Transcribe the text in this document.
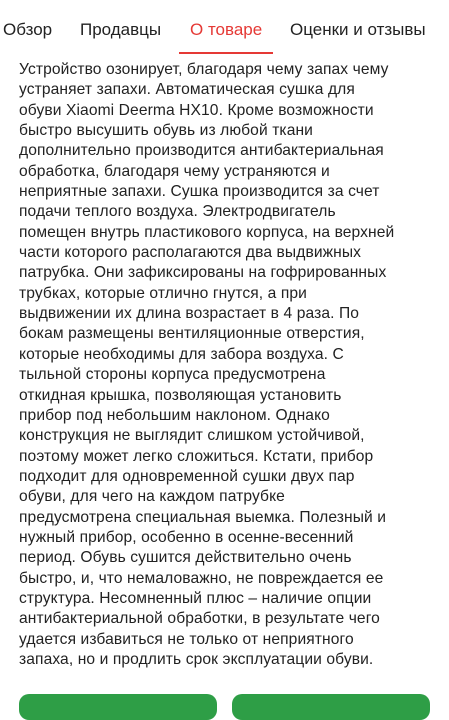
Обзор Продавцы О товаре Оценки и отзывы
Устройство озонирует, благодаря чему запах чему
устраняет запахи. Автоматическая сушка для
обуви Xiaomi Deerma HX10. Кроме возможности
быстро высушить обувь из любой ткани
дополнительно производится антибактериальная
обработка, благодаря чему устраняются и
неприятные запахи. Сушка производится за счет
подачи теплого воздуха. Электродвигатель
помещен внутрь пластикового корпуса, на верхней
части которого располагаются два выдвижных
патрубка. Они зафиксированы на гофрированных
трубках, которые отлично гнутся, а при
выдвижении их длина возрастает в 4 раза. По
бокам размещены вентиляционные отверстия,
которые необходимы для забора воздуха. С
тыльной стороны корпуса предусмотрена
откидная крышка, позволяющая установить
прибор под небольшим наклоном. Однако
конструкция не выглядит слишком устойчивой,
поэтому может легко сложиться. Кстати, прибор
подходит для одновременной сушки двух пар
обуви, для чего на каждом патрубке
предусмотрена специальная выемка. Полезный и
нужный прибор, особенно в осенне-весенний
период. Обувь сушится действительно очень
быстро, и, что немаловажно, не повреждается ее
структура. Несомненный плюс – наличие опции
антибактериальной обработки, в результате чего
удается избавиться не только от неприятного
запаха, но и продлить срок эксплуатации обуви.
